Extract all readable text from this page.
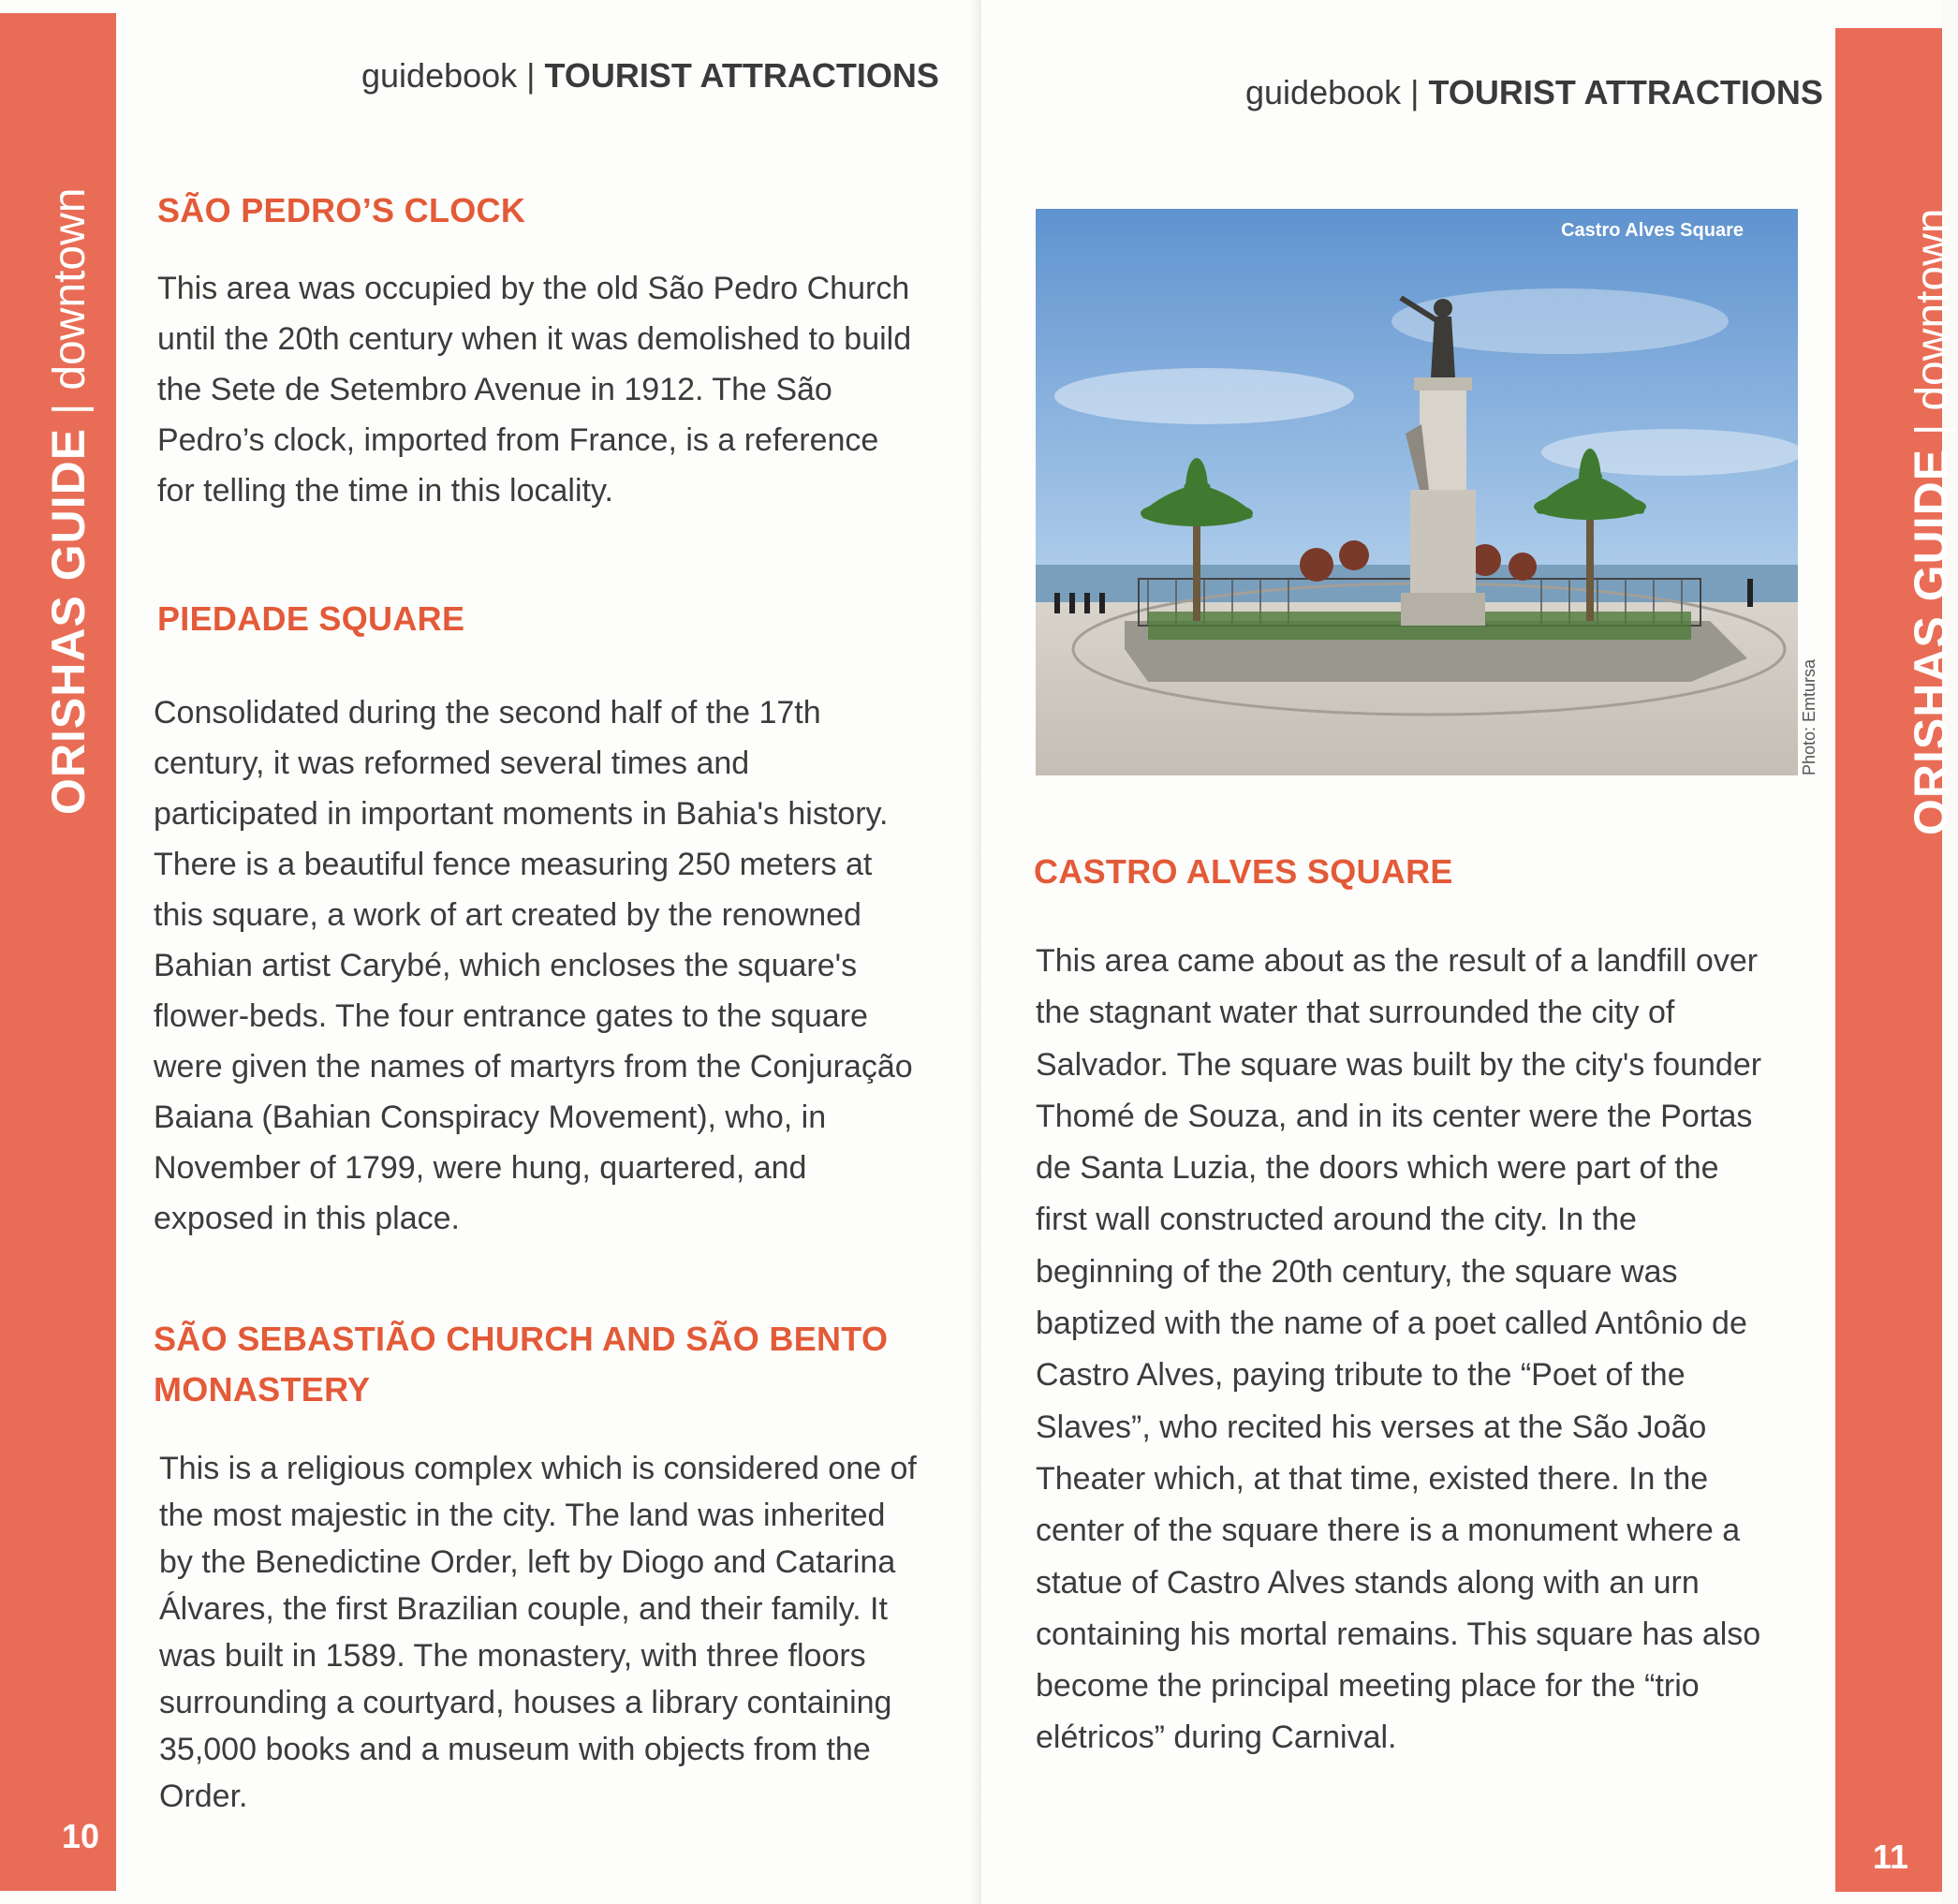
ORISHAS GUIDE | downtown
10
guidebook | TOURIST ATTRACTIONS
SÃO PEDRO’S CLOCK
This area was occupied by the old São Pedro Church
until the 20th century when it was demolished to build
the Sete de Setembro Avenue in 1912. The São
Pedro’s clock, imported from France, is a reference
for telling the time in this locality.
PIEDADE SQUARE
Consolidated during the second half of the 17th
century, it was reformed several times and
participated in important moments in Bahia's history.
There is a beautiful fence measuring 250 meters at
this square, a work of art created by the renowned
Bahian artist Carybé, which encloses the square's
flower-beds. The four entrance gates to the square
were given the names of martyrs from the Conjuração
Baiana (Bahian Conspiracy Movement), who, in
November of 1799, were hung, quartered, and
exposed in this place.
SÃO SEBASTIÃO CHURCH AND SÃO BENTO
MONASTERY
This is a religious complex which is considered one of
the most majestic in the city. The land was inherited
by the Benedictine Order, left by Diogo and Catarina
Álvares, the first Brazilian couple, and their family. It
was built in 1589. The monastery, with three floors
surrounding a courtyard, houses a library containing
35,000 books and a museum with objects from the
Order.
ORISHAS GUIDE | downtown
11
guidebook | TOURIST ATTRACTIONS
Castro Alves Square
Photo: Emtursa
CASTRO ALVES SQUARE
This area came about as the result of a landfill over
the stagnant water that surrounded the city of
Salvador. The square was built by the city's founder
Thomé de Souza, and in its center were the Portas
de Santa Luzia, the doors which were part of the
first wall constructed around the city. In the
beginning of the 20th century, the square was
baptized with the name of a poet called Antônio de
Castro Alves, paying tribute to the “Poet of the
Slaves”, who recited his verses at the São João
Theater which, at that time, existed there. In the
center of the square there is a monument where a
statue of Castro Alves stands along with an urn
containing his mortal remains. This square has also
become the principal meeting place for the “trio
elétricos” during Carnival.
